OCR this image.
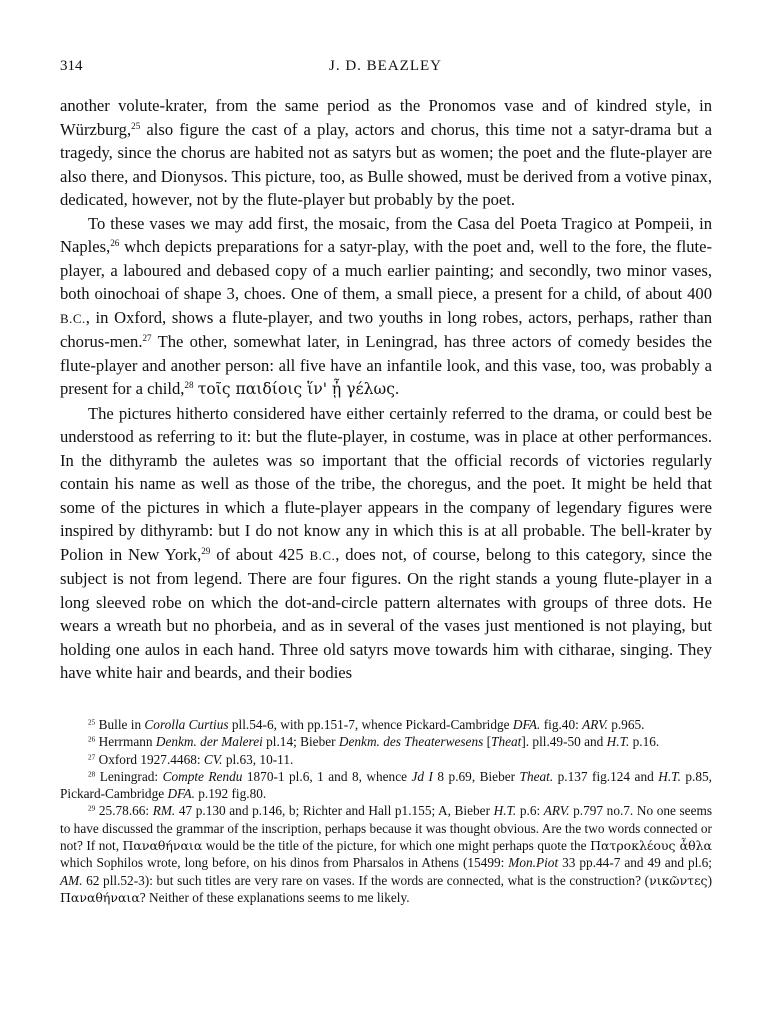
314	J. D. BEAZLEY

another volute-krater, from the same period as the Pronomos vase and of kindred style, in Würzburg,$^{25}$ also figure the cast of a play, actors and chorus, this time not a satyr-drama but a tragedy, since the chorus are habited not as satyrs but as women; the poet and the flute-player are also there, and Dionysos. This picture, too, as Bulle showed, must be derived from a votive pinax, dedicated, however, not by the flute-player but probably by the poet.

To these vases we may add first, the mosaic, from the Casa del Poeta Tragico at Pompeii, in Naples,$^{26}$ whch depicts preparations for a satyr-play, with the poet and, well to the fore, the flute-player, a laboured and debased copy of a much earlier painting; and secondly, two minor vases, both oinochoai of shape 3, choes. One of them, a small piece, a present for a child, of about 400 B.C., in Oxford, shows a flute-player, and two youths in long robes, actors, perhaps, rather than chorus-men.$^{27}$ The other, somewhat later, in Leningrad, has three actors of comedy besides the flute-player and another person: all five have an infantile look, and this vase, too, was probably a present for a child,$^{28}$ τοῖς παιδίοις ἵν' ᾖ γέλως.

The pictures hitherto considered have either certainly referred to the drama, or could best be understood as referring to it: but the flute-player, in costume, was in place at other performances. In the dithyramb the auletes was so important that the official records of victories regularly contain his name as well as those of the tribe, the choregus, and the poet. It might be held that some of the pictures in which a flute-player appears in the company of legendary figures were inspired by dithyramb: but I do not know any in which this is at all probable. The bell-krater by Polion in New York,$^{29}$ of about 425 B.C., does not, of course, belong to this category, since the subject is not from legend. There are four figures. On the right stands a young flute-player in a long sleeved robe on which the dot-and-circle pattern alternates with groups of three dots. He wears a wreath but no phorbeia, and as in several of the vases just mentioned is not playing, but holding one aulos in each hand. Three old satyrs move towards him with citharae, singing. They have white hair and beards, and their bodies

$^{25}$ Bulle in Corolla Curtius pll.54-6, with pp.151-7, whence Pickard-Cambridge DFA. fig.40: ARV. p.965.

$^{26}$ Herrmann Denkm. der Malerei pl.14; Bieber Denkm. des Theaterwesens [Theat]. pll.49-50 and H.T. p.16.

$^{27}$ Oxford 1927.4468: CV. pl.63, 10-11.

$^{28}$ Leningrad: Compte Rendu 1870-1 pl.6, 1 and 8, whence Jd I 8 p.69, Bieber Theat. p.137 fig.124 and H.T. p.85, Pickard-Cambridge DFA. p.192 fig.80.

$^{29}$ 25.78.66: RM. 47 p.130 and p.146, b; Richter and Hall p1.155; A, Bieber H.T. p.6: ARV. p.797 no.7. No one seems to have discussed the grammar of the inscription, perhaps because it was thought obvious. Are the two words connected or not? If not, Παναθήναια would be the title of the picture, for which one might perhaps quote the Πατροκλέους ἆθλα which Sophilos wrote, long before, on his dinos from Pharsalos in Athens (15499: Mon.Piot 33 pp.44-7 and 49 and pl.6; AM. 62 pll.52-3): but such titles are very rare on vases. If the words are connected, what is the construction? (νικῶντες) Παναθήναια? Neither of these explanations seems to me likely.
